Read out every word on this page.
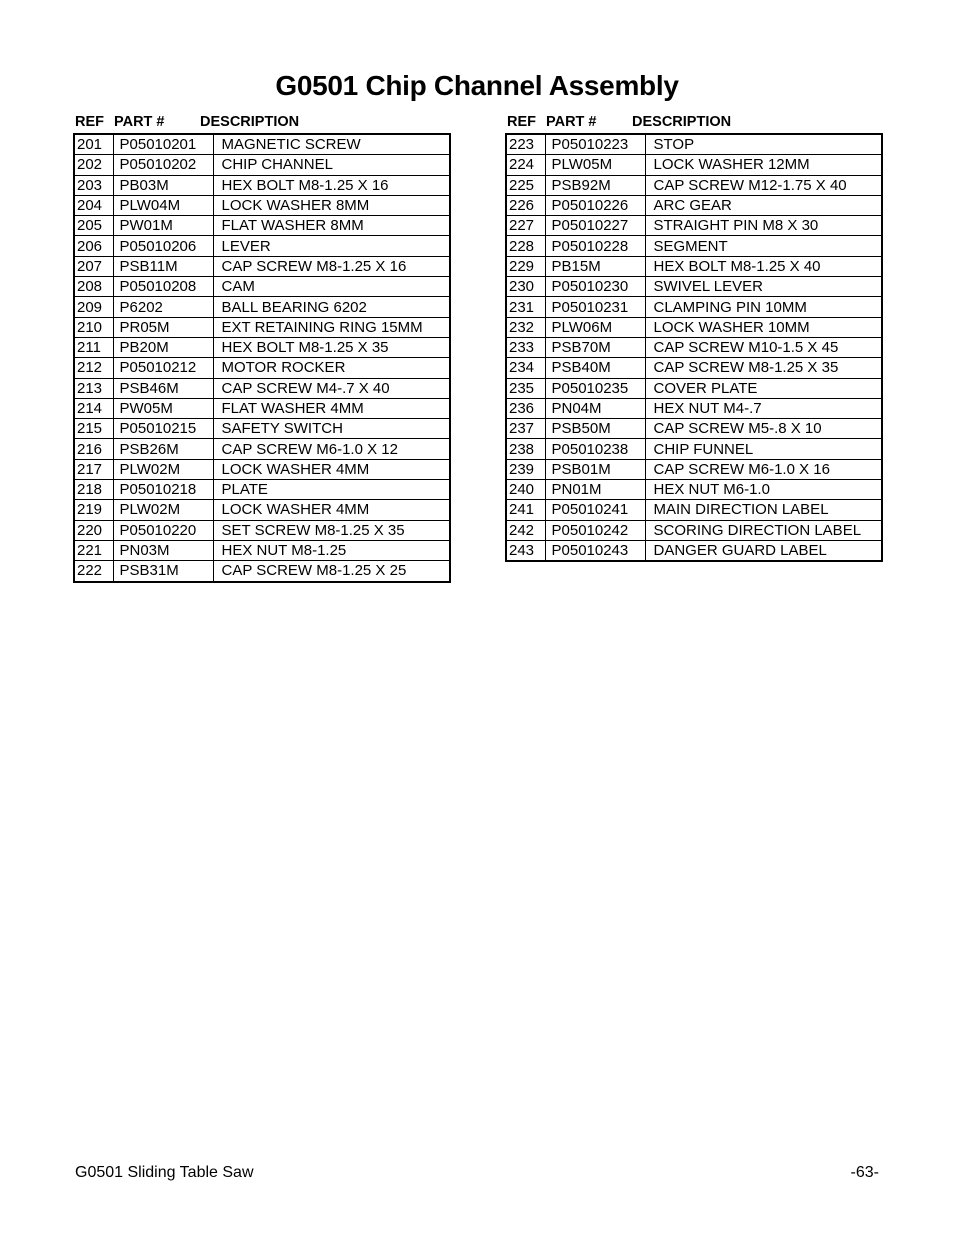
G0501 Chip Channel Assembly
REF PART # DESCRIPTION
201	P05010201	MAGNETIC SCREW
202	P05010202	CHIP CHANNEL
203	PB03M	HEX BOLT M8-1.25 X 16
204	PLW04M	LOCK WASHER 8MM
205	PW01M	FLAT WASHER 8MM
206	P05010206	LEVER
207	PSB11M	CAP SCREW M8-1.25 X 16
208	P05010208	CAM
209	P6202	BALL BEARING 6202
210	PR05M	EXT RETAINING RING 15MM
211	PB20M	HEX BOLT M8-1.25 X 35
212	P05010212	MOTOR ROCKER
213	PSB46M	CAP SCREW M4-.7 X 40
214	PW05M	FLAT WASHER 4MM
215	P05010215	SAFETY SWITCH
216	PSB26M	CAP SCREW M6-1.0 X 12
217	PLW02M	LOCK WASHER 4MM
218	P05010218	PLATE
219	PLW02M	LOCK WASHER 4MM
220	P05010220	SET SCREW M8-1.25 X 35
221	PN03M	HEX NUT M8-1.25
222	PSB31M	CAP SCREW M8-1.25 X 25
REF PART # DESCRIPTION
223	P05010223	STOP
224	PLW05M	LOCK WASHER 12MM
225	PSB92M	CAP SCREW M12-1.75 X 40
226	P05010226	ARC GEAR
227	P05010227	STRAIGHT PIN M8 X 30
228	P05010228	SEGMENT
229	PB15M	HEX BOLT M8-1.25 X 40
230	P05010230	SWIVEL LEVER
231	P05010231	CLAMPING PIN 10MM
232	PLW06M	LOCK WASHER 10MM
233	PSB70M	CAP SCREW M10-1.5 X 45
234	PSB40M	CAP SCREW M8-1.25 X 35
235	P05010235	COVER PLATE
236	PN04M	HEX NUT M4-.7
237	PSB50M	CAP SCREW M5-.8 X 10
238	P05010238	CHIP FUNNEL
239	PSB01M	CAP SCREW M6-1.0 X 16
240	PN01M	HEX NUT M6-1.0
241	P05010241	MAIN DIRECTION LABEL
242	P05010242	SCORING DIRECTION LABEL
243	P05010243	DANGER GUARD LABEL
G0501 Sliding Table Saw	-63-
